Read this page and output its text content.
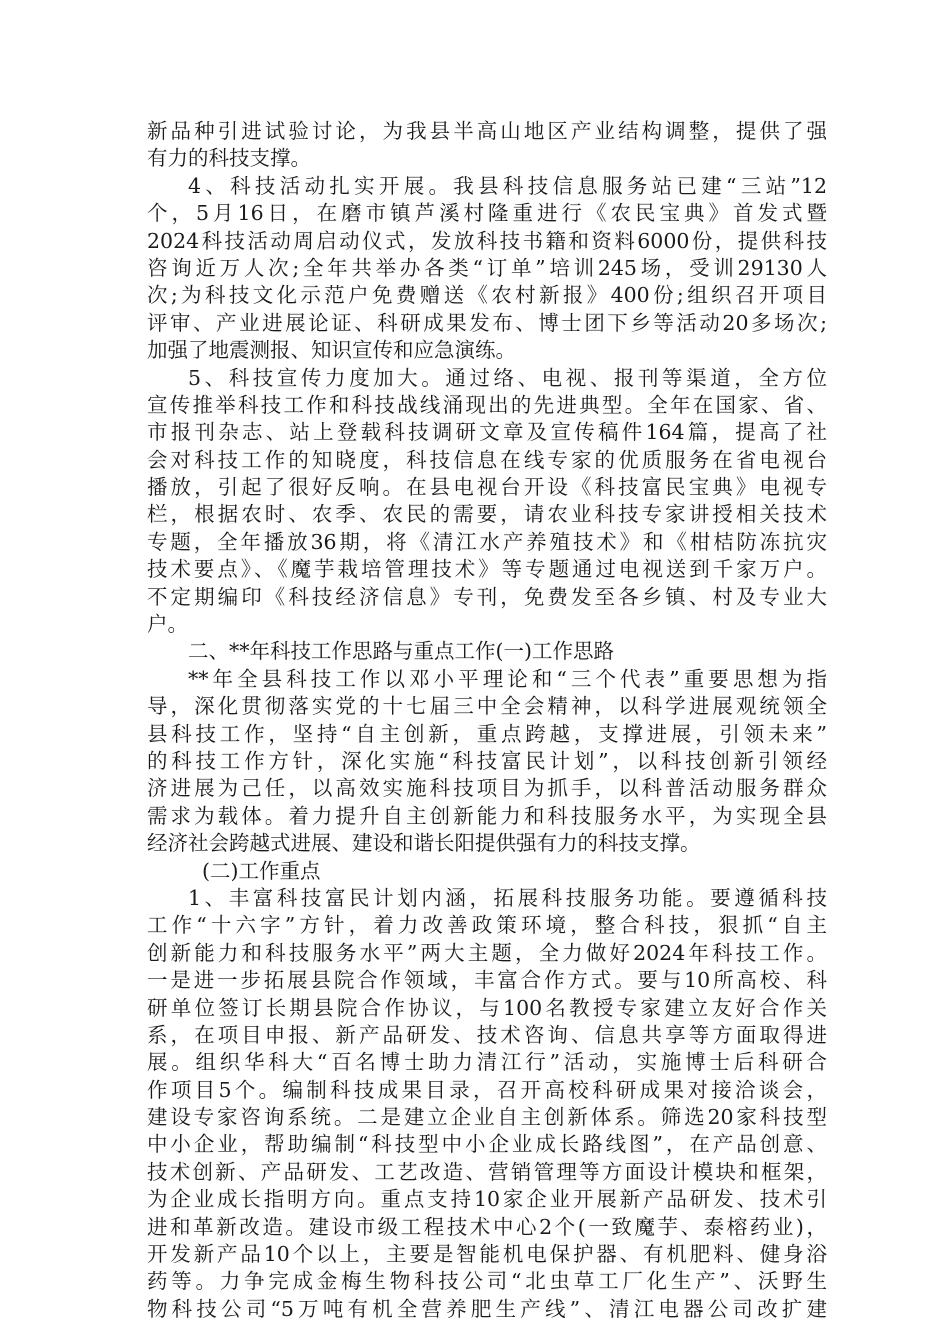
新品种引进试验讨论，为我县半高山地区产业结构调整，提供了强
有力的科技支撑。
4、科技活动扎实开展。我县科技信息服务站已建“三站”12
个，5月16日，在磨市镇芦溪村隆重进行《农民宝典》首发式暨
2024科技活动周启动仪式，发放科技书籍和资料6000份，提供科技
咨询近万人次;全年共举办各类“订单”培训245场，受训29130人
次;为科技文化示范户免费赠送《农村新报》400份;组织召开项目
评审、产业进展论证、科研成果发布、博士团下乡等活动20多场次;
加强了地震测报、知识宣传和应急演练。
5、科技宣传力度加大。通过络、电视、报刊等渠道，全方位
宣传推举科技工作和科技战线涌现出的先进典型。全年在国家、省、
市报刊杂志、站上登载科技调研文章及宣传稿件164篇，提高了社
会对科技工作的知晓度，科技信息在线专家的优质服务在省电视台
播放，引起了很好反响。在县电视台开设《科技富民宝典》电视专
栏，根据农时、农季、农民的需要，请农业科技专家讲授相关技术
专题，全年播放36期，将《清江水产养殖技术》和《柑桔防冻抗灾
技术要点》、《魔芋栽培管理技术》等专题通过电视送到千家万户。
不定期编印《科技经济信息》专刊，免费发至各乡镇、村及专业大
户。
二、**年科技工作思路与重点工作(一)工作思路
**年全县科技工作以邓小平理论和“三个代表”重要思想为指
导，深化贯彻落实党的十七届三中全会精神，以科学进展观统领全
县科技工作，坚持“自主创新，重点跨越，支撑进展，引领未来”
的科技工作方针，深化实施“科技富民计划”，以科技创新引领经
济进展为己任，以高效实施科技项目为抓手，以科普活动服务群众
需求为载体。着力提升自主创新能力和科技服务水平，为实现全县
经济社会跨越式进展、建设和谐长阳提供强有力的科技支撑。
(二)工作重点
1、丰富科技富民计划内涵，拓展科技服务功能。要遵循科技
工作“十六字”方针，着力改善政策环境，整合科技，狠抓“自主
创新能力和科技服务水平”两大主题，全力做好2024年科技工作。
一是进一步拓展县院合作领域，丰富合作方式。要与10所高校、科
研单位签订长期县院合作协议，与100名教授专家建立友好合作关
系，在项目申报、新产品研发、技术咨询、信息共享等方面取得进
展。组织华科大“百名博士助力清江行”活动，实施博士后科研合
作项目5个。编制科技成果目录，召开高校科研成果对接洽谈会，
建设专家咨询系统。二是建立企业自主创新体系。筛选20家科技型
中小企业，帮助编制“科技型中小企业成长路线图”，在产品创意、
技术创新、产品研发、工艺改造、营销管理等方面设计模块和框架，
为企业成长指明方向。重点支持10家企业开展新产品研发、技术引
进和革新改造。建设市级工程技术中心2个(一致魔芋、泰榕药业)，
开发新产品10个以上，主要是智能机电保护器、有机肥料、健身浴
药等。力争完成金梅生物科技公司“北虫草工厂化生产”、沃野生
物科技公司“5万吨有机全营养肥生产线”、清江电器公司改扩建
